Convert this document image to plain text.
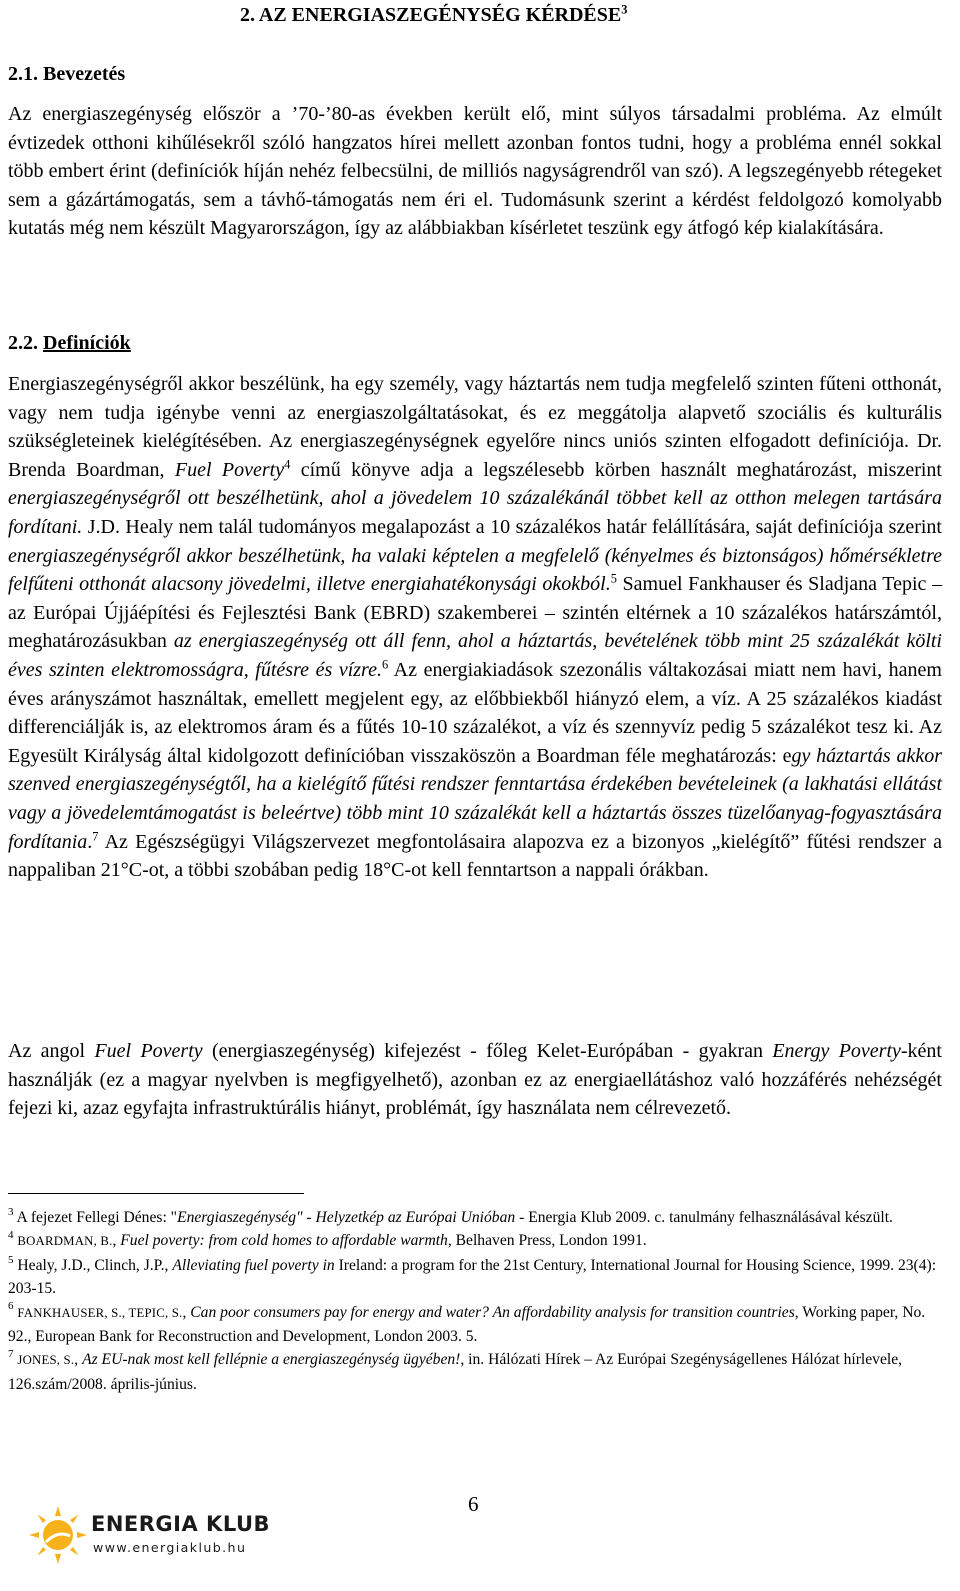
2. AZ ENERGIASZEGÉNYSÉG KÉRDÉSE$^3$
2.1. Bevezetés

Az energiaszegénység először a ’70-’80-as években került elő, mint súlyos társadalmi probléma. Az elmúlt évtizedek otthoni kihűlésekről szóló hangzatos hírei mellett azonban fontos tudni, hogy a probléma ennél sokkal több embert érint (definíciók híján nehéz felbecsülni, de milliós nagyságrendről van szó). A legszegényebb rétegeket sem a gázártámogatás, sem a távhő-támogatás nem éri el. Tudomásunk szerint a kérdést feldolgozó komolyabb kutatás még nem készült Magyarországon, így az alábbiakban kísérletet teszünk egy átfogó kép kialakítására.

2.2. Definíciók

Energiaszegénységről akkor beszélünk, ha egy személy, vagy háztartás nem tudja megfelelő szinten fűteni otthonát, vagy nem tudja igénybe venni az energiaszolgáltatásokat, és ez meggátolja alapvető szociális és kulturális szükségleteinek kielégítésében. Az energiaszegénységnek egyelőre nincs uniós szinten elfogadott definíciója. Dr. Brenda Boardman, Fuel Poverty$^4$ című könyve adja a legszélesebb körben használt meghatározást, miszerint energiaszegénységről ott beszélhetünk, ahol a jövedelem 10 százalékánál többet kell az otthon melegen tartására fordítani. J.D. Healy nem talál tudományos megalapozást a 10 százalékos határ felállítására, saját definíciója szerint energiaszegénységről akkor beszélhetünk, ha valaki képtelen a megfelelő (kényelmes és biztonságos) hőmérsékletre felfűteni otthonát alacsony jövedelmi, illetve energiahatékonysági okokból.$^5$ Samuel Fankhauser és Sladjana Tepic – az Európai Újjáépítési és Fejlesztési Bank (EBRD) szakemberei – szintén eltérnek a 10 százalékos határszámtól, meghatározásukban az energiaszegénység ott áll fenn, ahol a háztartás, bevételének több mint 25 százalékát költi éves szinten elektromosságra, fűtésre és vízre.$^6$ Az energiakiadások szezonális váltakozásai miatt nem havi, hanem éves arányszámot használtak, emellett megjelent egy, az előbbiekből hiányzó elem, a víz. A 25 százalékos kiadást differenciálják is, az elektromos áram és a fűtés 10-10 százalékot, a víz és szennyvíz pedig 5 százalékot tesz ki. Az Egyesült Királyság által kidolgozott definícióban visszaköszön a Boardman féle meghatározás: egy háztartás akkor szenved energiaszegénységtől, ha a kielégítő fűtési rendszer fenntartása érdekében bevételeinek (a lakhatási ellátást vagy a jövedelemtámogatást is beleértve) több mint 10 százalékát kell a háztartás összes tüzelőanyag-fogyasztására fordítania.$^7$ Az Egészségügyi Világszervezet megfontolásaira alapozva ez a bizonyos „kielégítő” fűtési rendszer a nappaliban 21°C-ot, a többi szobában pedig 18°C-ot kell fenntartson a nappali órákban.

Az angol Fuel Poverty (energiaszegénység) kifejezést - főleg Kelet-Európában - gyakran Energy Poverty-ként használják (ez a magyar nyelvben is megfigyelhető), azonban ez az energiaellátáshoz való hozzáférés nehézségét fejezi ki, azaz egyfajta infrastruktúrális hiányt, problémát, így használata nem célrevezető.

$^3$ A fejezet Fellegi Dénes: "Energiaszegénység" - Helyzetkép az Európai Unióban - Energia Klub 2009. c. tanulmány felhasználásával készült.

$^4$ BOARDMAN, B., Fuel poverty: from cold homes to affordable warmth, Belhaven Press, London 1991.

$^5$ Healy, J.D., Clinch, J.P., Alleviating fuel poverty in Ireland: a program for the 21st Century, International Journal for Housing Science, 1999. 23(4): 203-15.

$^6$ FANKHAUSER, S., TEPIC, S., Can poor consumers pay for energy and water? An affordability analysis for transition countries, Working paper, No. 92., European Bank for Reconstruction and Development, London 2003. 5.

$^7$ JONES, S., Az EU-nak most kell fellépnie a energiaszegénység ügyében!, in. Hálózati Hírek – Az Európai Szegényságellenes Hálózat hírlevele, 126.szám/2008. április-június.

6
ENERGIA KLUB
www.energiaklub.hu
